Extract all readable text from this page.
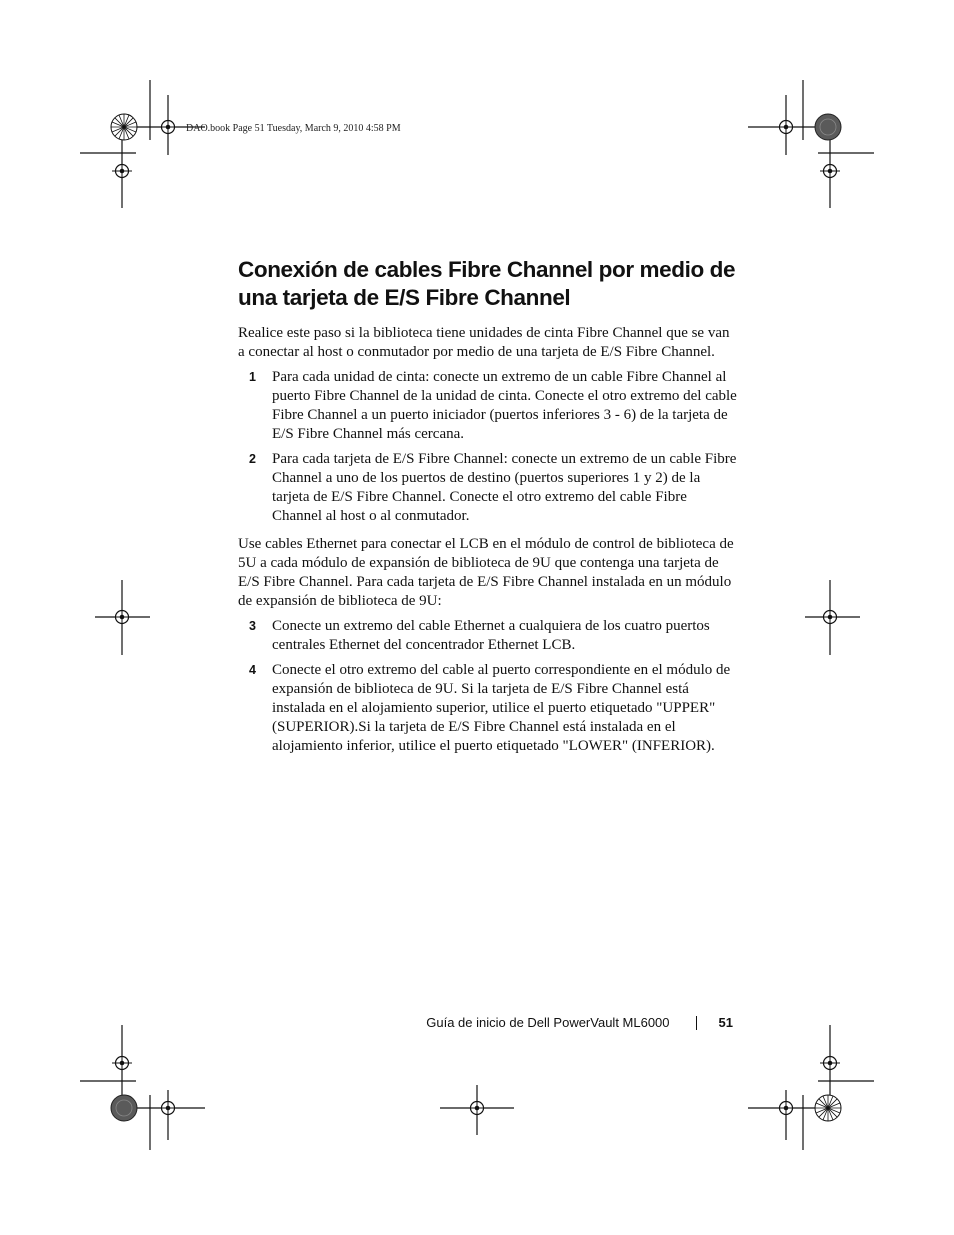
DAO.book Page 51 Tuesday, March 9, 2010 4:58 PM
Conexión de cables Fibre Channel por medio de
una tarjeta de E/S Fibre Channel

Realice este paso si la biblioteca tiene unidades de cinta Fibre Channel que se van a conectar al host o conmutador por medio de una tarjeta de E/S Fibre Channel.

1 Para cada unidad de cinta: conecte un extremo de un cable Fibre Channel al puerto Fibre Channel de la unidad de cinta. Conecte el otro extremo del cable Fibre Channel a un puerto iniciador (puertos inferiores 3 - 6) de la tarjeta de E/S Fibre Channel más cercana.
2 Para cada tarjeta de E/S Fibre Channel: conecte un extremo de un cable Fibre Channel a uno de los puertos de destino (puertos superiores 1 y 2) de la tarjeta de E/S Fibre Channel. Conecte el otro extremo del cable Fibre Channel al host o al conmutador.

Use cables Ethernet para conectar el LCB en el módulo de control de biblioteca de 5U a cada módulo de expansión de biblioteca de 9U que contenga una tarjeta de E/S Fibre Channel. Para cada tarjeta de E/S Fibre Channel instalada en un módulo de expansión de biblioteca de 9U:

3 Conecte un extremo del cable Ethernet a cualquiera de los cuatro puertos centrales Ethernet del concentrador Ethernet LCB.
4 Conecte el otro extremo del cable al puerto correspondiente en el módulo de expansión de biblioteca de 9U. Si la tarjeta de E/S Fibre Channel está instalada en el alojamiento superior, utilice el puerto etiquetado "UPPER" (SUPERIOR).Si la tarjeta de E/S Fibre Channel está instalada en el alojamiento inferior, utilice el puerto etiquetado "LOWER" (INFERIOR).
Guía de inicio de Dell PowerVault ML6000	51
